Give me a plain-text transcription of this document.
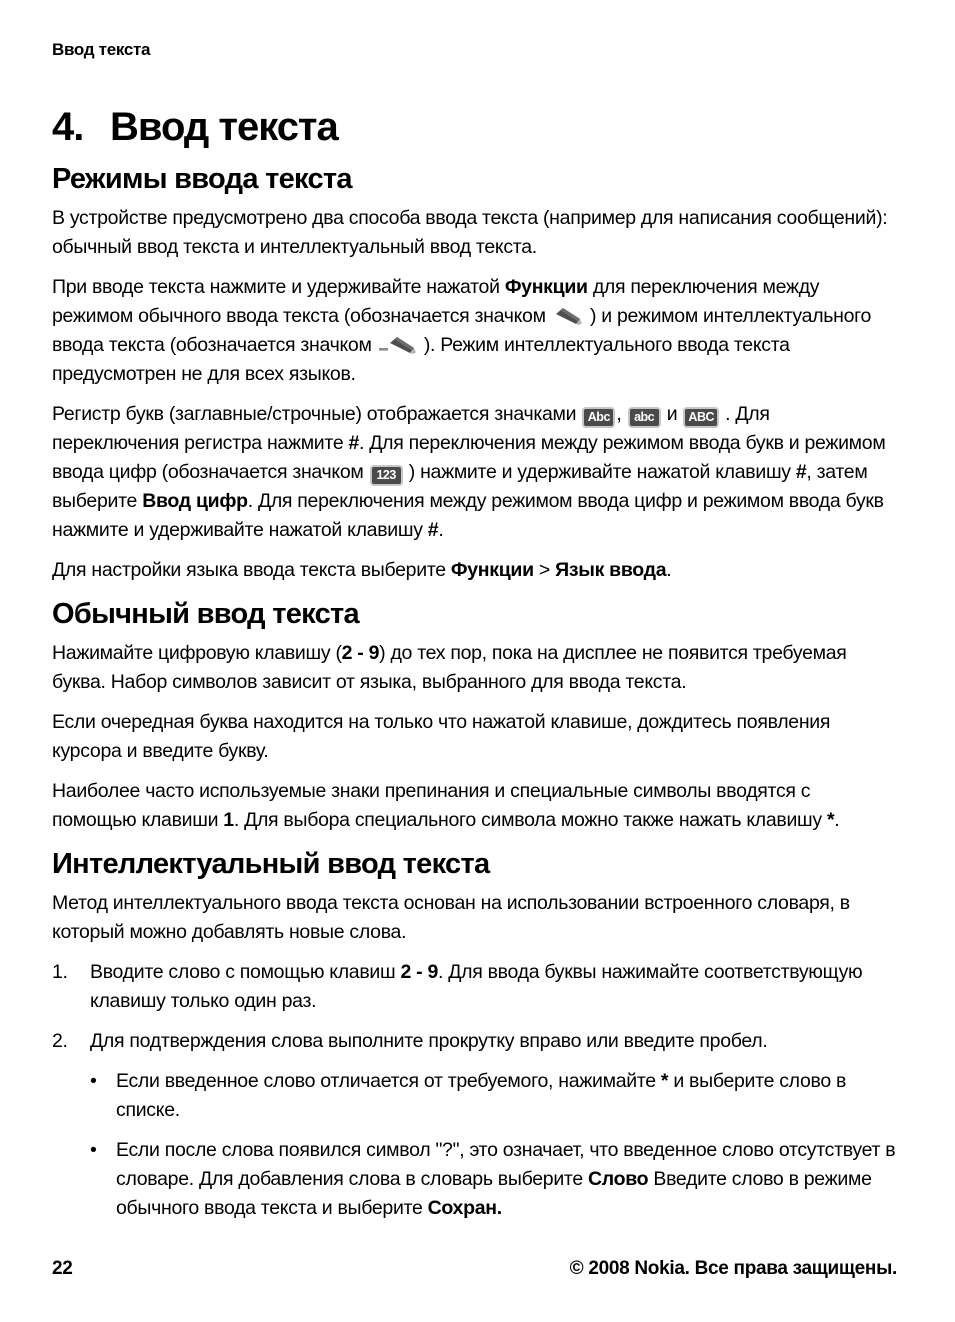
Ввод текста
4. Ввод текста
Режимы ввода текста

В устройстве предусмотрено два способа ввода текста (например для написания сообщений): обычный ввод текста и интеллектуальный ввод текста.

При вводе текста нажмите и удерживайте нажатой Функции для переключения между режимом обычного ввода текста (обозначается значком  ) и режимом интеллектуального ввода текста (обозначается значком  ). Режим интеллектуального ввода текста предусмотрен не для всех языков.

Регистр букв (заглавные/строчные) отображается значками Abc , abc и ABC . Для переключения регистра нажмите #. Для переключения между режимом ввода букв и режимом ввода цифр (обозначается значком 123 ) нажмите и удерживайте нажатой клавишу #, затем выберите Ввод цифр. Для переключения между режимом ввода цифр и режимом ввода букв нажмите и удерживайте нажатой клавишу #.

Для настройки языка ввода текста выберите Функции > Язык ввода.

Обычный ввод текста

Нажимайте цифровую клавишу (2 - 9) до тех пор, пока на дисплее не появится требуемая буква. Набор символов зависит от языка, выбранного для ввода текста.

Если очередная буква находится на только что нажатой клавише, дождитесь появления курсора и введите букву.

Наиболее часто используемые знаки препинания и специальные символы вводятся с помощью клавиши 1. Для выбора специального символа можно также нажать клавишу *.

Интеллектуальный ввод текста

Метод интеллектуального ввода текста основан на использовании встроенного словаря, в который можно добавлять новые слова.

1.	Вводите слово с помощью клавиш 2 - 9. Для ввода буквы нажимайте соответствующую клавишу только один раз.
2.	Для подтверждения слова выполните прокрутку вправо или введите пробел.
•
Если введенное слово отличается от требуемого, нажимайте * и выберите слово в списке.
•
Если после слова появился символ "?", это означает, что введенное слово отсутствует в словаре. Для добавления слова в словарь выберите Слово Введите слово в режиме обычного ввода текста и выберите Сохран.
22	© 2008 Nokia. Все права защищены.
